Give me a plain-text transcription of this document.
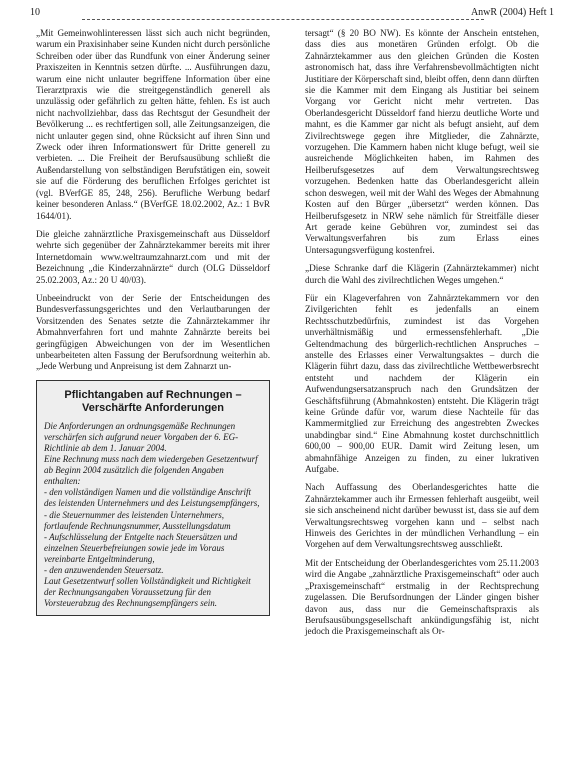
10	AnwR (2004) Heft 1

„Mit Gemeinwohlinteressen lässt sich auch nicht begründen, warum ein Praxisinhaber seine Kunden nicht durch persönliche Schreiben oder über das Rundfunk von einer Änderung seiner Praxiszeiten in Kenntnis setzen dürfte. ... Ausführungen dazu, warum eine nicht unlauter begriffene Information über eine Tierarztpraxis wie die streitgegenständlich generell als unzulässig oder gefährlich zu gelten hätte, fehlen. Es ist auch nicht nachvollziehbar, dass das Rechtsgut der Gesundheit der Bevölkerung ... es rechtfertigen soll, alle Zeitungsanzeigen, die nicht unlauter gegen sind, ohne Rücksicht auf ihren Sinn und Zweck oder ihren Informationswert für Dritte generell zu verbieten. ... Die Freiheit der Berufsausübung schließt die Außendarstellung von selbständigen Berufstätigen ein, soweit sie auf die Förderung des beruflichen Erfolges gerichtet ist (vgl. BVerfGE 85, 248, 256). Berufliche Werbung bedarf keiner besonderen Anlass.“ (BVerfGE 18.02.2002, Az.: 1 BvR 1644/01).

Die gleiche zahnärztliche Praxisgemeinschaft aus Düsseldorf wehrte sich gegenüber der Zahnärztekammer bereits mit ihrer Internetdomain www.weltraumzahnarzt.com und mit der Bezeichnung „die Kinderzahnärzte“ durch (OLG Düsseldorf 25.02.2003, Az.: 20 U 40/03).

Unbeeindruckt von der Serie der Entscheidungen des Bundesverfassungsgerichtes und den Verlautbarungen der Vorsitzenden des Senates setzte die Zahnärztekammer ihr Abmahnverfahren fort und mahnte Zahnärzte bereits bei geringfügigen Abweichungen von der im Wesentlichen unbearbeiteten alten Fassung der Berufsordnung weiterhin ab. „Jede Werbung und Anpreisung ist dem Zahnarzt un-

Pflichtangaben auf Rechnungen –
Verschärfte Anforderungen
Die Anforderungen an ordnungsgemäße Rechnungen verschärfen sich aufgrund neuer Vorgaben der 6. EG-Richtlinie ab dem 1. Januar 2004.
Eine Rechnung muss nach dem wiedergeben Gesetzentwurf ab Beginn 2004 zusätzlich die folgenden Angaben enthalten:
- den vollständigen Namen und die vollständige Anschrift des leistenden Unternehmers und des Leistungsempfängers,
- die Steuernummer des leistenden Unternehmers, fortlaufende Rechnungsnummer, Ausstellungsdatum
- Aufschlüsselung der Entgelte nach Steuersätzen und einzelnen Steuerbefreiungen sowie jede im Voraus vereinbarte Entgeltminderung,
- den anzuwendenden Steuersatz.
Laut Gesetzentwurf sollen Vollständigkeit und Richtigkeit der Rechnungsangaben Voraussetzung für den Vorsteuerabzug des Rechnungsempfängers sein.

tersagt“ (§ 20 BO NW). Es könnte der Anschein entstehen, dass dies aus monetären Gründen erfolgt. Ob die Zahnärztekammer aus den gleichen Gründen die Kosten astronomisch hat, dass ihre Verfahrensbevollmächtigten nicht Justitiare der Körperschaft sind, bleibt offen, denn dann dürften sie die Kammer mit dem Eingang als Justitiar bei seinem Vorgang vor Gericht nicht mehr vertreten. Das Oberlandesgericht Düsseldorf fand hierzu deutliche Worte und mahnt, es die Kammer gar nicht als befugt ansieht, auf dem Zivilrechtswege gegen ihre Mitglieder, die Zahnärzte, vorzugehen. Die Kammern haben nicht kluge befugt, weil sie ausreichende Möglichkeiten haben, im Rahmen des Heilberufsgesetzes auf dem Verwaltungsrechtsweg vorzugehen. Bedenken hatte das Oberlandesgericht allein schon deswegen, weil mit der Wahl des Weges der Abmahnung Kosten auf den Bürger „übersetzt“ werden können. Das Heilberufsgesetz in NRW sehe nämlich für Streitfälle dieser Art gerade keine Gebühren vor, zumindest sei das Verwaltungsverfahren bis zum Erlass eines Untersagungsverfügung kostenfrei.

„Diese Schranke darf die Klägerin (Zahnärztekammer) nicht durch die Wahl des zivilrechtlichen Weges umgehen.“

Für ein Klageverfahren von Zahnärztekammern vor den Zivilgerichten fehlt es jedenfalls an einem Rechtsschutzbedürfnis, zumindest ist das Vorgehen unverhältnismäßig und ermessensfehlerhaft. „Die Geltendmachung des bürgerlich-rechtlichen Anspruches – anstelle des Erlasses einer Verwaltungsaktes – durch die Klägerin führt dazu, dass das zivilrechtliche Wettbewerbsrecht entsteht und nachdem der Klägerin ein Aufwendungsersatzanspruch nach den Grundsätzen der Geschäftsführung (Abmahnkosten) entsteht. Die Klägerin trägt keine Gründe dafür vor, warum diese Nachteile für das Kammermitglied zur Erreichung des angestrebten Zweckes unabdingbar sind.“ Eine Abmahnung kostet durchschnittlich 600,00 – 900,00 EUR. Damit wird Zeitung lesen, um abmahnfähige Anzeigen zu finden, zu einer lukrativen Aufgabe.

Nach Auffassung des Oberlandesgerichtes hatte die Zahnärztekammer auch ihr Ermessen fehlerhaft ausgeübt, weil sie sich anscheinend nicht darüber bewusst ist, dass sie auf dem Verwaltungsrechtsweg vorgehen kann und – selbst nach Hinweis des Gerichtes in der mündlichen Verhandlung – ein Vorgehen auf dem Verwaltungsrechtsweg ausschließt.

Mit der Entscheidung der Oberlandesgerichtes vom 25.11.2003 wird die Angabe „zahnärztliche Praxisgemeinschaft“ oder auch „Praxisgemeinschaft“ erstmalig in der Rechtsprechung zugelassen. Die Berufsordnungen der Länder gingen bisher davon aus, dass nur die Gemeinschaftspraxis als Berufsausübungsgesellschaft ankündigungsfähig ist, nicht jedoch die Praxisgemeinschaft als Or-
